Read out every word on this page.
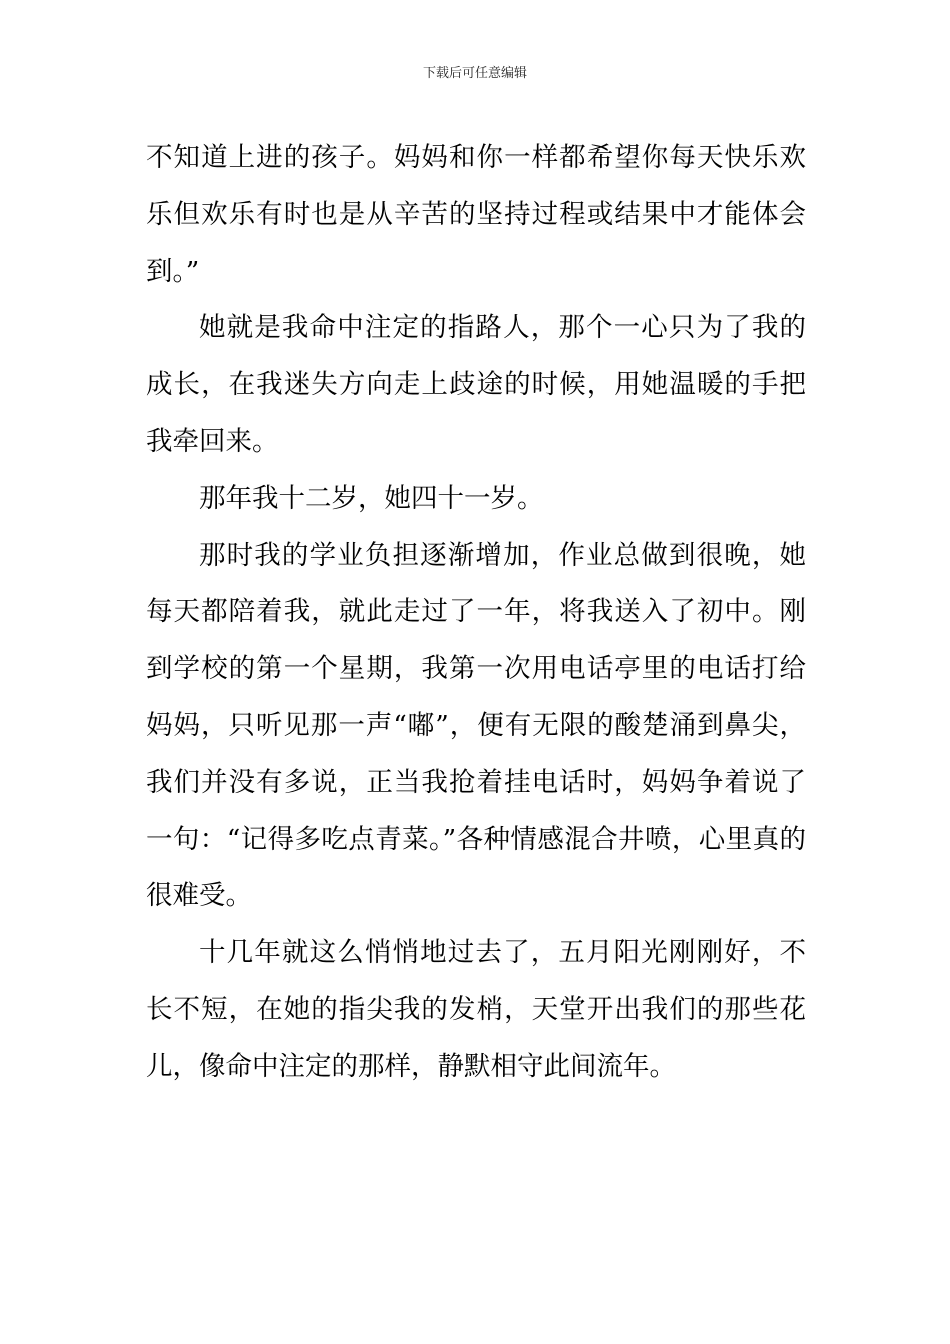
下载后可任意编辑

不知道上进的孩子。妈妈和你一样都希望你每天快乐欢乐但欢乐有时也是从辛苦的坚持过程或结果中才能体会到。”

她就是我命中注定的指路人，那个一心只为了我的成长，在我迷失方向走上歧途的时候，用她温暖的手把我牵回来。

那年我十二岁，她四十一岁。

那时我的学业负担逐渐增加，作业总做到很晚，她每天都陪着我，就此走过了一年，将我送入了初中。刚到学校的第一个星期，我第一次用电话亭里的电话打给妈妈，只听见那一声“嘟”，便有无限的酸楚涌到鼻尖，我们并没有多说，正当我抢着挂电话时，妈妈争着说了一句：“记得多吃点青菜。”各种情感混合井喷，心里真的很难受。

十几年就这么悄悄地过去了，五月阳光刚刚好，不长不短，在她的指尖我的发梢，天堂开出我们的那些花儿，像命中注定的那样，静默相守此间流年。
